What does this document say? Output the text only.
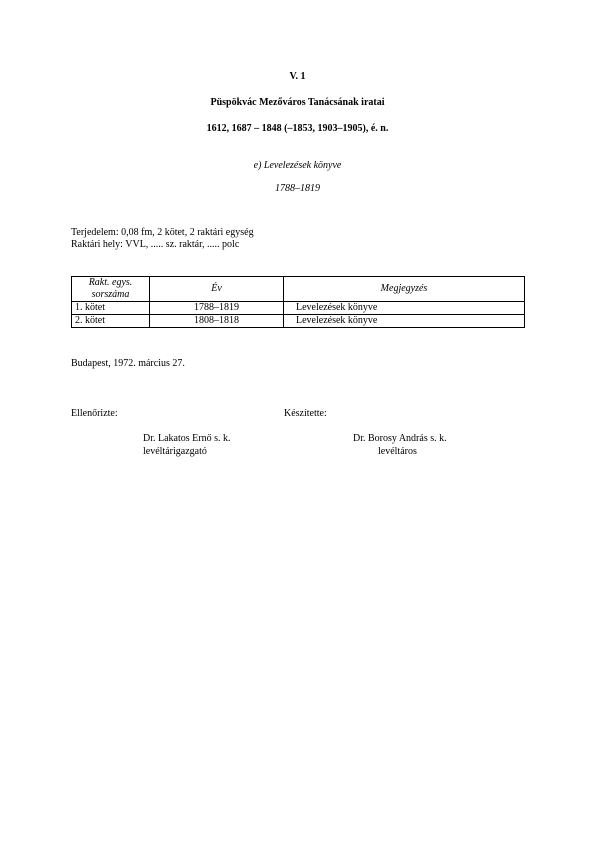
V. 1
Püspökvác Mezőváros Tanácsának iratai
1612, 1687 – 1848 (–1853, 1903–1905), é. n.
e) Levelezések könyve
1788–1819
Terjedelem: 0,08 fm, 2 kötet, 2 raktári egység
Raktári hely: VVL, ..... sz. raktár, ..... polc
Rakt. egys. sorszáma	Év	Megjegyzés
1. kötet	1788–1819	Levelezések könyve
2. kötet	1808–1818	Levelezések könyve
Budapest, 1972. március 27.
Ellenőrizte:	Készítette:
Dr. Lakatos Ernő s. k.
levéltárigazgató
Dr. Borosy András s. k.
levéltáros
